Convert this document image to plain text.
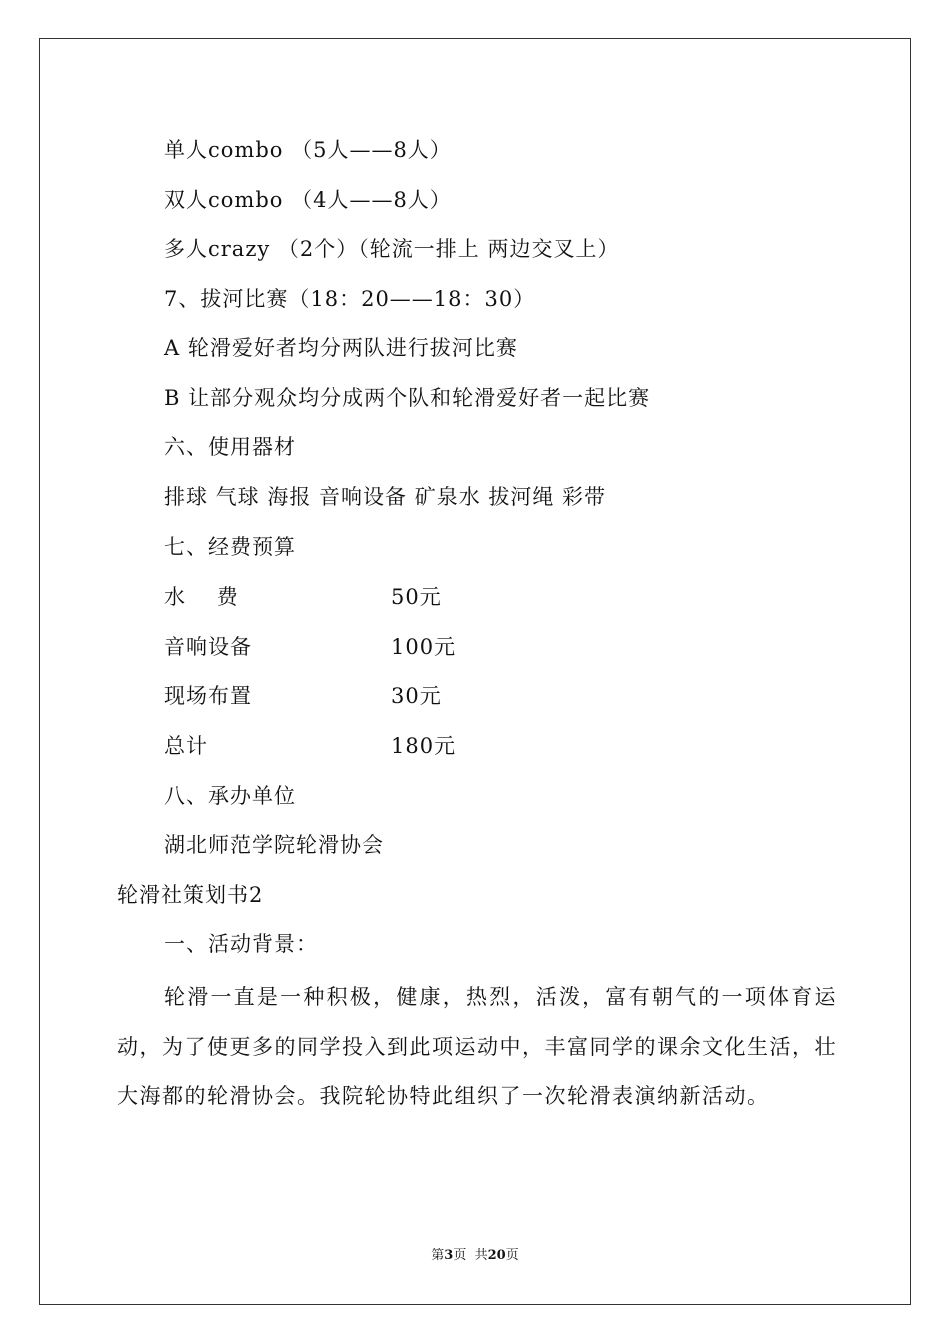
单人combo （5人——8人）
双人combo （4人——8人）
多人crazy （2个）（轮流一排上 两边交叉上）
7、拔河比赛（18：20——18：30）
A 轮滑爱好者均分两队进行拔河比赛
B 让部分观众均分成两个队和轮滑爱好者一起比赛
六、使用器材
排球 气球 海报 音响设备 矿泉水 拔河绳 彩带
七、经费预算
水    费	50元
音响设备	100元
现场布置	30元
总计	180元
八、承办单位
湖北师范学院轮滑协会
轮滑社策划书2
一、活动背景：
轮滑一直是一种积极，健康，热烈，活泼，富有朝气的一项体育运动，为了使更多的同学投入到此项运动中，丰富同学的课余文化生活，壮大海都的轮滑协会。我院轮协特此组织了一次轮滑表演纳新活动。
第3页  共20页
